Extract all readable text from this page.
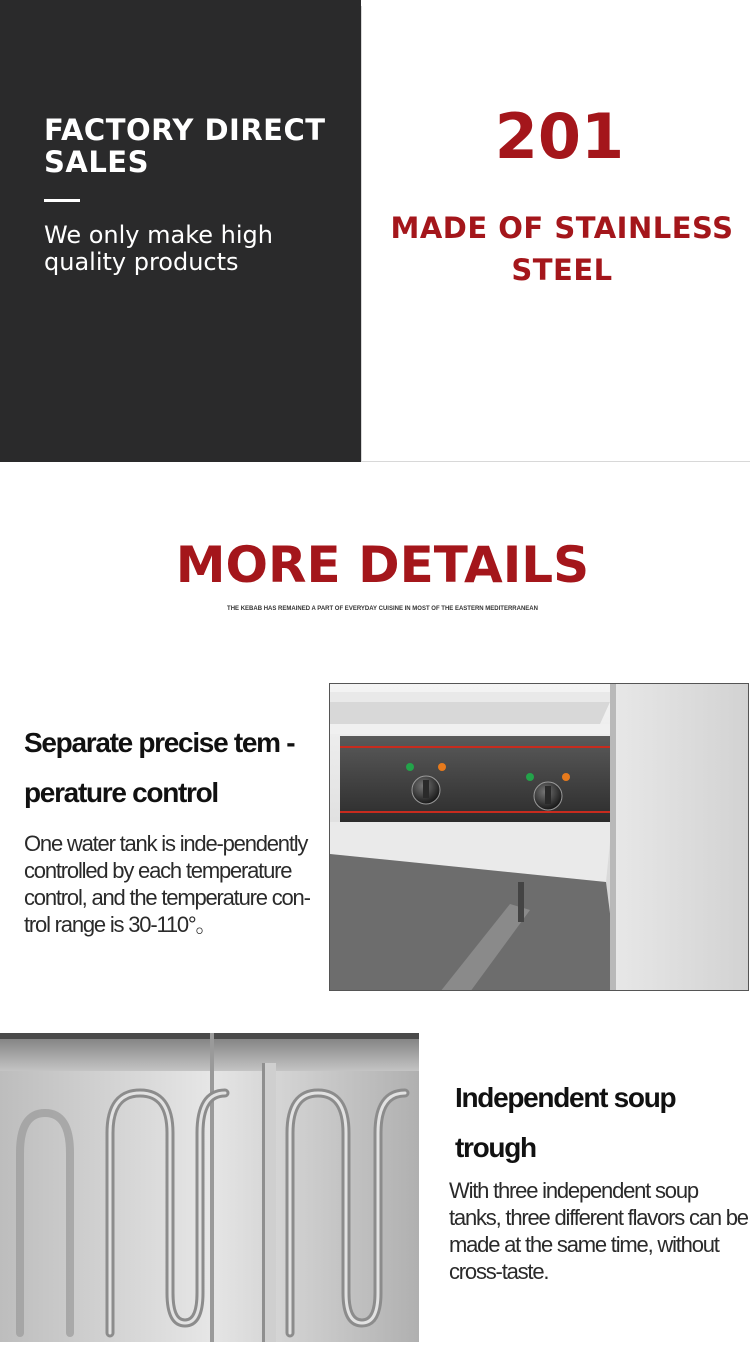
FACTORY DIRECT SALES
We only make high quality products
201
MADE OF STAINLESS STEEL
MORE DETAILS
THE KEBAB HAS REMAINED A PART OF EVERYDAY CUISINE IN MOST OF THE EASTERN MEDITERRANEAN
Separate precise tem -perature control
One water tank is inde-pendently controlled by each temperature control, and the temperature con-trol range is 30-110°。
Independent soup trough
With three independent soup tanks, three different flavors can be made at the same time, without cross-taste.
